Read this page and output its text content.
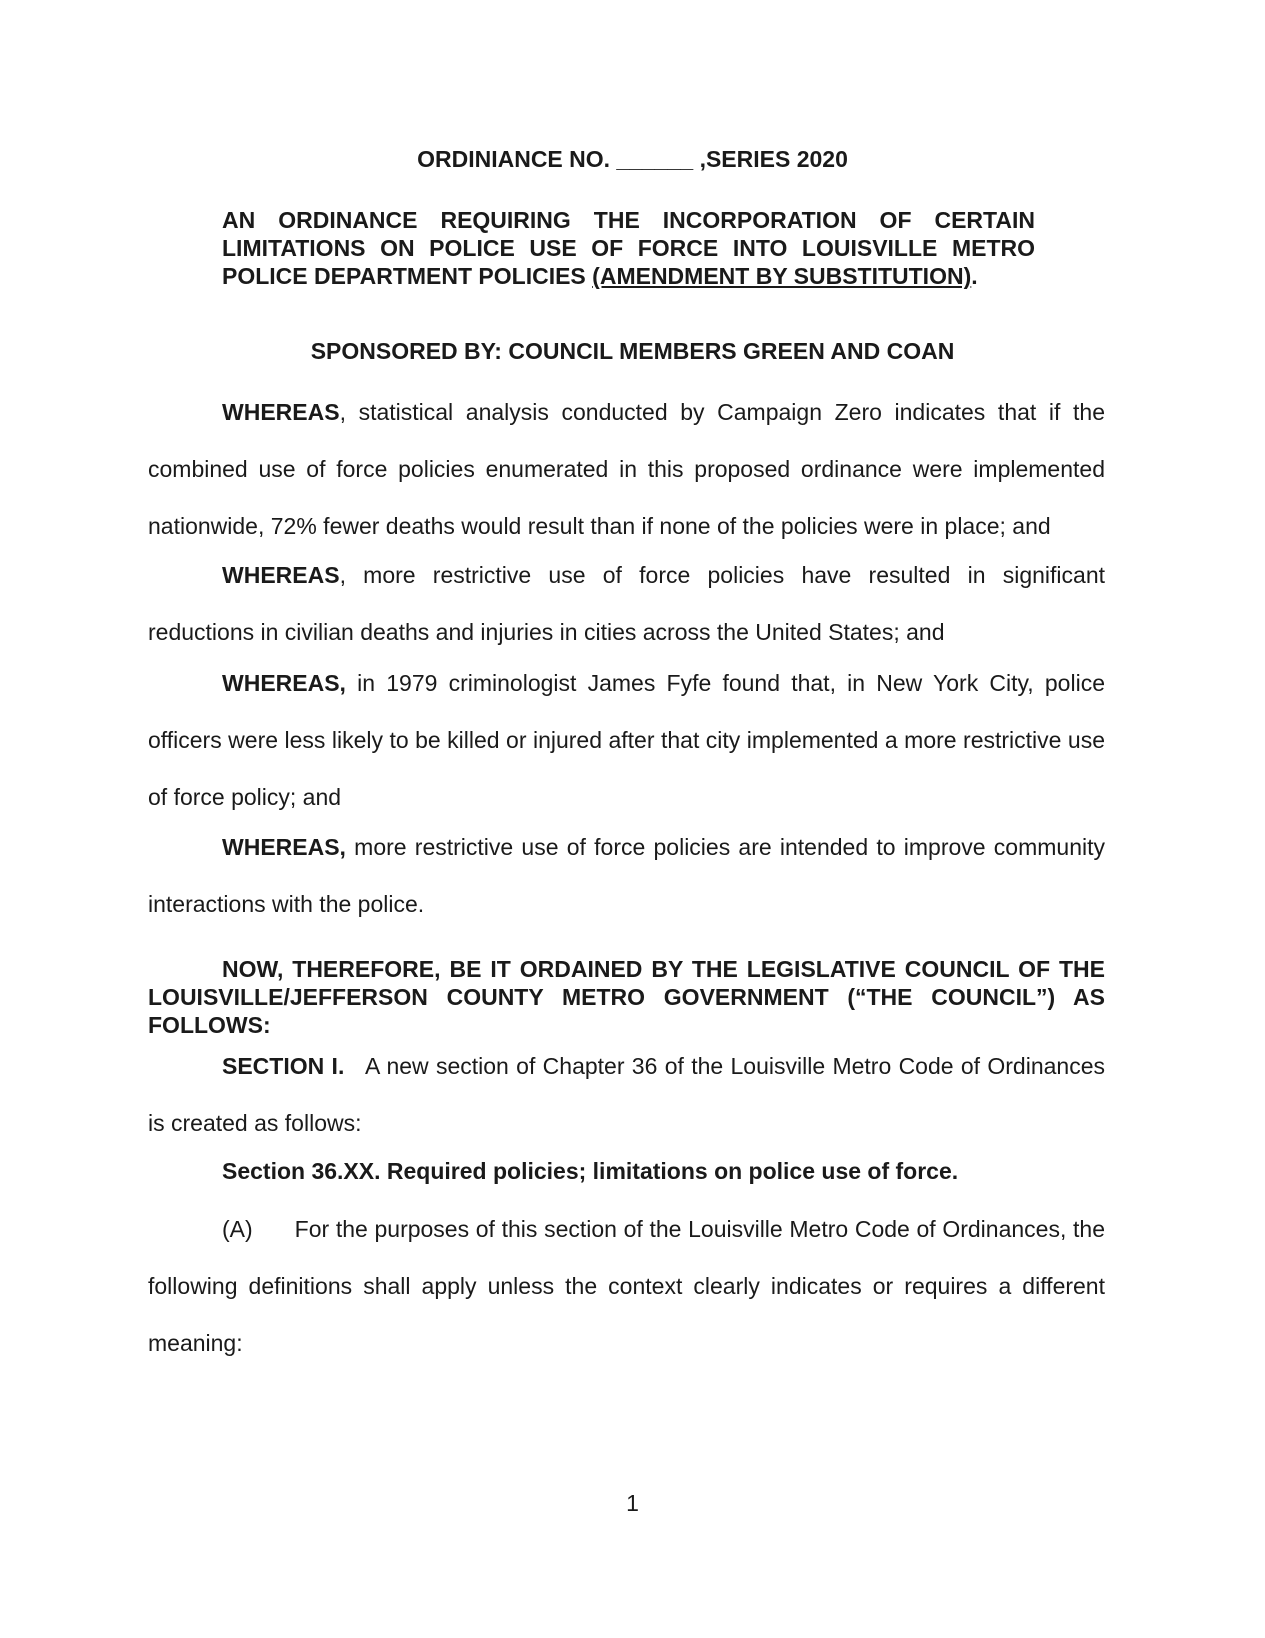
ORDINIANCE NO. ______ ,SERIES 2020

AN ORDINANCE REQUIRING THE INCORPORATION OF CERTAIN LIMITATIONS ON POLICE USE OF FORCE INTO LOUISVILLE METRO POLICE DEPARTMENT POLICIES (AMENDMENT BY SUBSTITUTION).

SPONSORED BY: COUNCIL MEMBERS GREEN AND COAN

WHEREAS, statistical analysis conducted by Campaign Zero indicates that if the combined use of force policies enumerated in this proposed ordinance were implemented nationwide, 72% fewer deaths would result than if none of the policies were in place; and

WHEREAS, more restrictive use of force policies have resulted in significant reductions in civilian deaths and injuries in cities across the United States; and

WHEREAS, in 1979 criminologist James Fyfe found that, in New York City, police officers were less likely to be killed or injured after that city implemented a more restrictive use of force policy; and

WHEREAS, more restrictive use of force policies are intended to improve community interactions with the police.

NOW, THEREFORE, BE IT ORDAINED BY THE LEGISLATIVE COUNCIL OF THE LOUISVILLE/JEFFERSON COUNTY METRO GOVERNMENT (“THE COUNCIL”) AS FOLLOWS:

SECTION I. A new section of Chapter 36 of the Louisville Metro Code of Ordinances is created as follows:

Section 36.XX. Required policies; limitations on police use of force.

(A) For the purposes of this section of the Louisville Metro Code of Ordinances, the following definitions shall apply unless the context clearly indicates or requires a different meaning:

1
